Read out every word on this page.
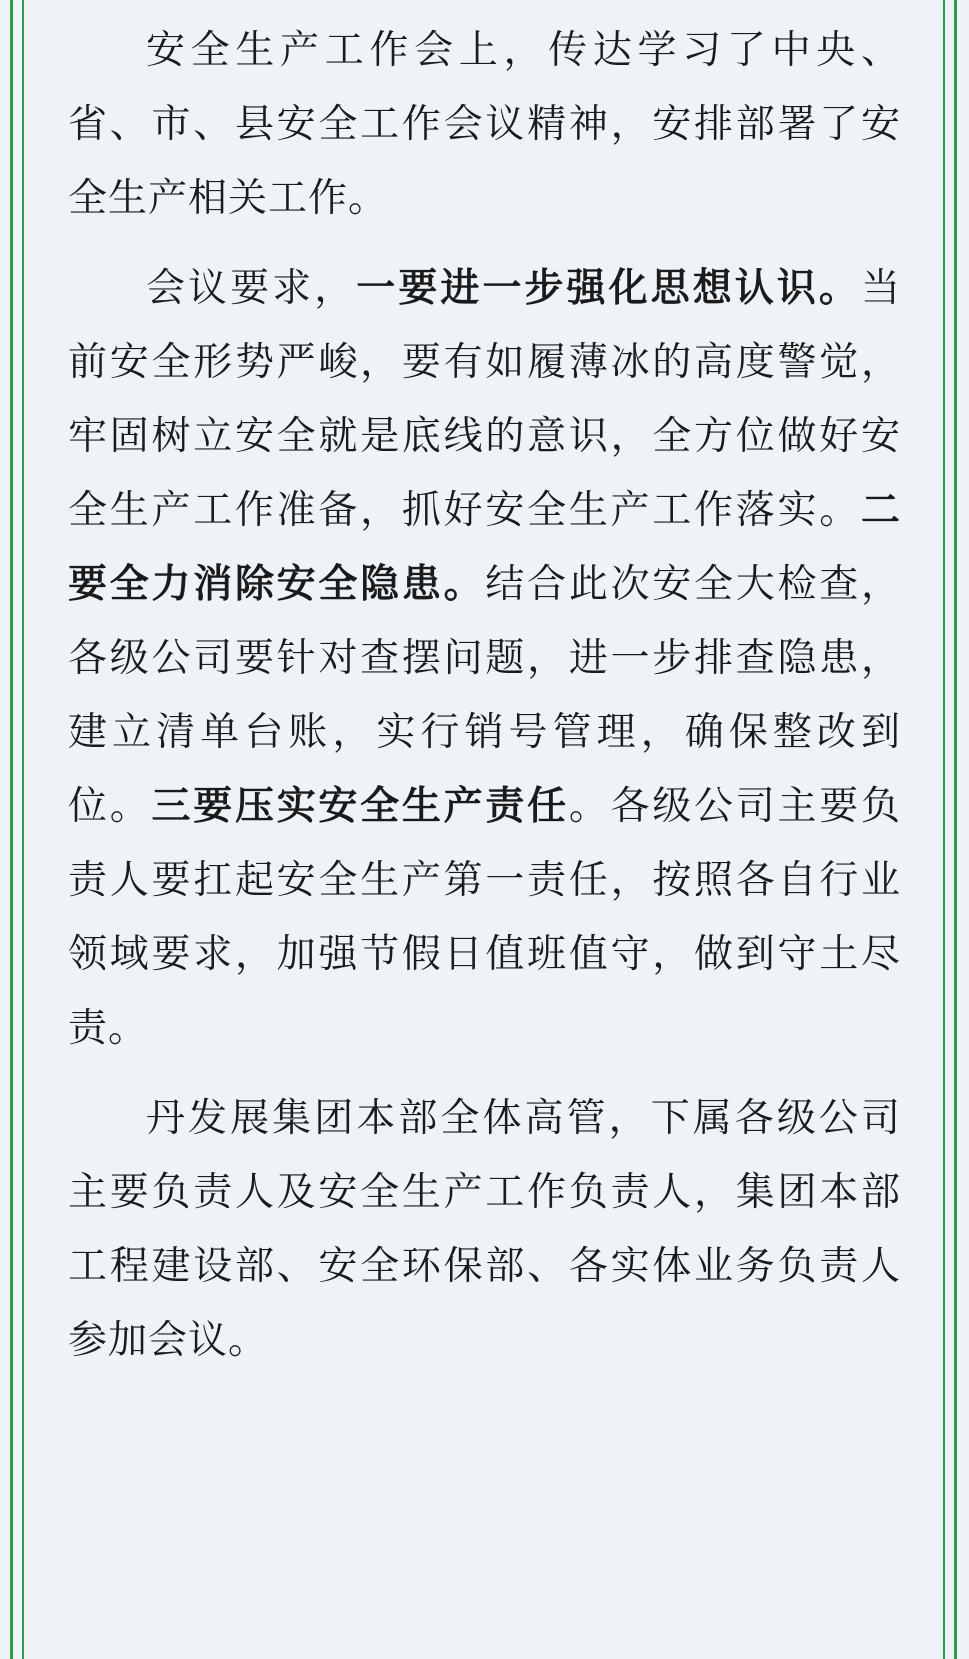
安全生产工作会上，传达学习了中央、省、市、县安全工作会议精神，安排部署了安全生产相关工作。

会议要求，一要进一步强化思想认识。当前安全形势严峻，要有如履薄冰的高度警觉，牢固树立安全就是底线的意识，全方位做好安全生产工作准备，抓好安全生产工作落实。二要全力消除安全隐患。结合此次安全大检查，各级公司要针对查摆问题，进一步排查隐患，建立清单台账，实行销号管理，确保整改到位。三要压实安全生产责任。各级公司主要负责人要扛起安全生产第一责任，按照各自行业领域要求，加强节假日值班值守，做到守土尽责。

丹发展集团本部全体高管，下属各级公司主要负责人及安全生产工作负责人，集团本部工程建设部、安全环保部、各实体业务负责人参加会议。
